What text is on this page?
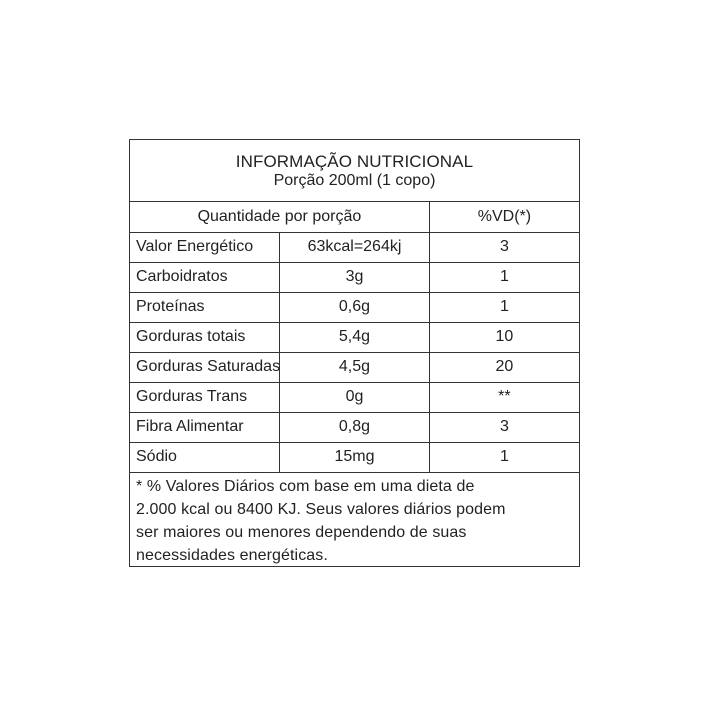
INFORMAÇÃO NUTRICIONAL
Porção 200ml (1 copo)
Quantidade por porção		%VD(*)
Valor Energético	63kcal=264kj	3
Carboidratos	3g	1
Proteínas	0,6g	1
Gorduras totais	5,4g	10
Gorduras Saturadas	4,5g	20
Gorduras Trans	0g	**
Fibra Alimentar	0,8g	3
Sódio	15mg	1
* % Valores Diários com base em uma dieta de
2.000 kcal ou 8400 KJ. Seus valores diários podem
ser maiores ou menores dependendo de suas
necessidades energéticas.
